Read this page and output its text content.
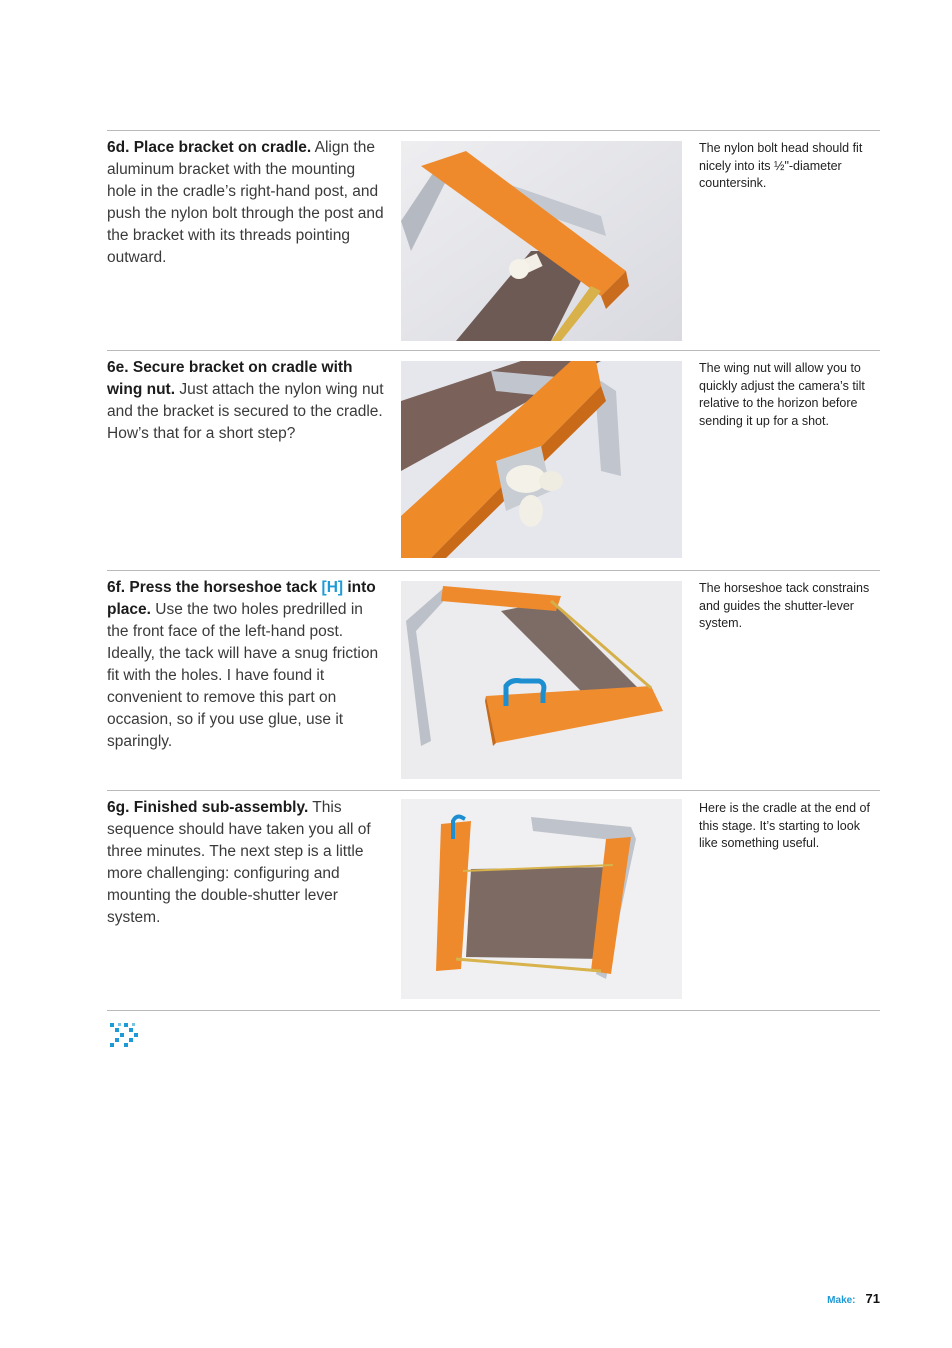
6d. Place bracket on cradle. Align the aluminum bracket with the mounting hole in the cradle’s right-hand post, and push the nylon bolt through the post and the bracket with its threads pointing outward.
The nylon bolt head should fit nicely into its ½"-diameter countersink.
6e. Secure bracket on cradle with wing nut. Just attach the nylon wing nut and the bracket is secured to the cradle. How’s that for a short step?
The wing nut will allow you to quickly adjust the camera’s tilt relative to the horizon before sending it up for a shot.
6f. Press the horseshoe tack [H] into place. Use the two holes predrilled in the front face of the left-hand post. Ideally, the tack will have a snug friction fit with the holes. I have found it convenient to remove this part on occasion, so if you use glue, use it sparingly.
The horseshoe tack constrains and guides the shutter-lever system.
6g. Finished sub-assembly. This sequence should have taken you all of three minutes. The next step is a little more challenging: configuring and mounting the double-shutter lever system.
Here is the cradle at the end of this stage. It’s starting to look like something useful.
Make: 71
